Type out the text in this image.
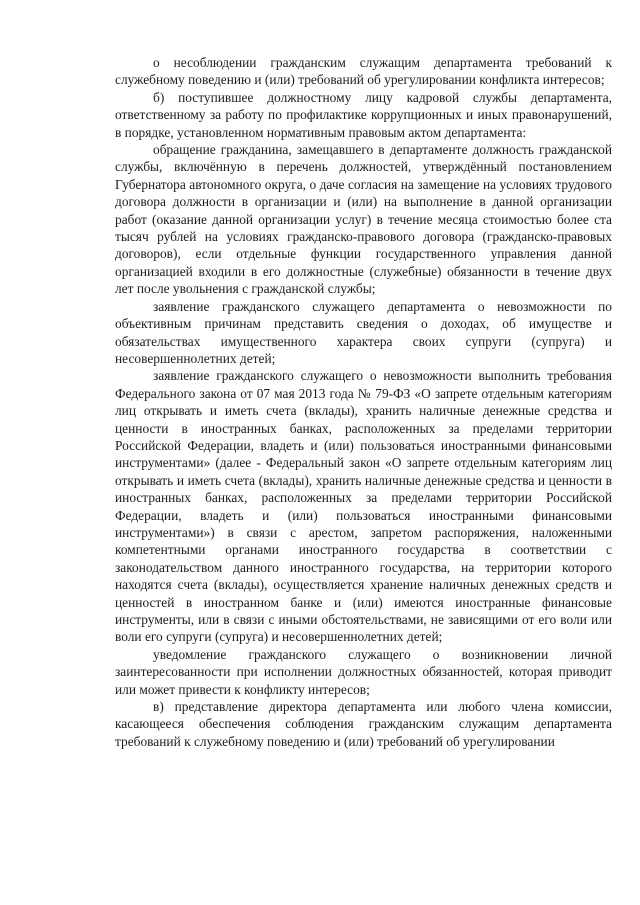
о несоблюдении гражданским служащим департамента требований к служебному поведению и (или) требований об урегулировании конфликта интересов;

б) поступившее должностному лицу кадровой службы департамента, ответственному за работу по профилактике коррупционных и иных правонарушений, в порядке, установленном нормативным правовым актом департамента:

обращение гражданина, замещавшего в департаменте должность гражданской службы, включённую в перечень должностей, утверждённый постановлением Губернатора автономного округа, о даче согласия на замещение на условиях трудового договора должности в организации и (или) на выполнение в данной организации работ (оказание данной организации услуг) в течение месяца стоимостью более ста тысяч рублей на условиях гражданско-правового договора (гражданско-правовых договоров), если отдельные функции государственного управления данной организацией входили в его должностные (служебные) обязанности в течение двух лет после увольнения с гражданской службы;

заявление гражданского служащего департамента о невозможности по объективным причинам представить сведения о доходах, об имуществе и обязательствах имущественного характера своих супруги (супруга) и несовершеннолетних детей;

заявление гражданского служащего о невозможности выполнить требования Федерального закона от 07 мая 2013 года № 79-ФЗ «О запрете отдельным категориям лиц открывать и иметь счета (вклады), хранить наличные денежные средства и ценности в иностранных банках, расположенных за пределами территории Российской Федерации, владеть и (или) пользоваться иностранными финансовыми инструментами» (далее - Федеральный закон «О запрете отдельным категориям лиц открывать и иметь счета (вклады), хранить наличные денежные средства и ценности в иностранных банках, расположенных за пределами территории Российской Федерации, владеть и (или) пользоваться иностранными финансовыми инструментами») в связи с арестом, запретом распоряжения, наложенными компетентными органами иностранного государства в соответствии с законодательством данного иностранного государства, на территории которого находятся счета (вклады), осуществляется хранение наличных денежных средств и ценностей в иностранном банке и (или) имеются иностранные финансовые инструменты, или в связи с иными обстоятельствами, не зависящими от его воли или воли его супруги (супруга) и несовершеннолетних детей;

уведомление гражданского служащего о возникновении личной заинтересованности при исполнении должностных обязанностей, которая приводит или может привести к конфликту интересов;

в) представление директора департамента или любого члена комиссии, касающееся обеспечения соблюдения гражданским служащим департамента требований к служебному поведению и (или) требований об урегулировании
